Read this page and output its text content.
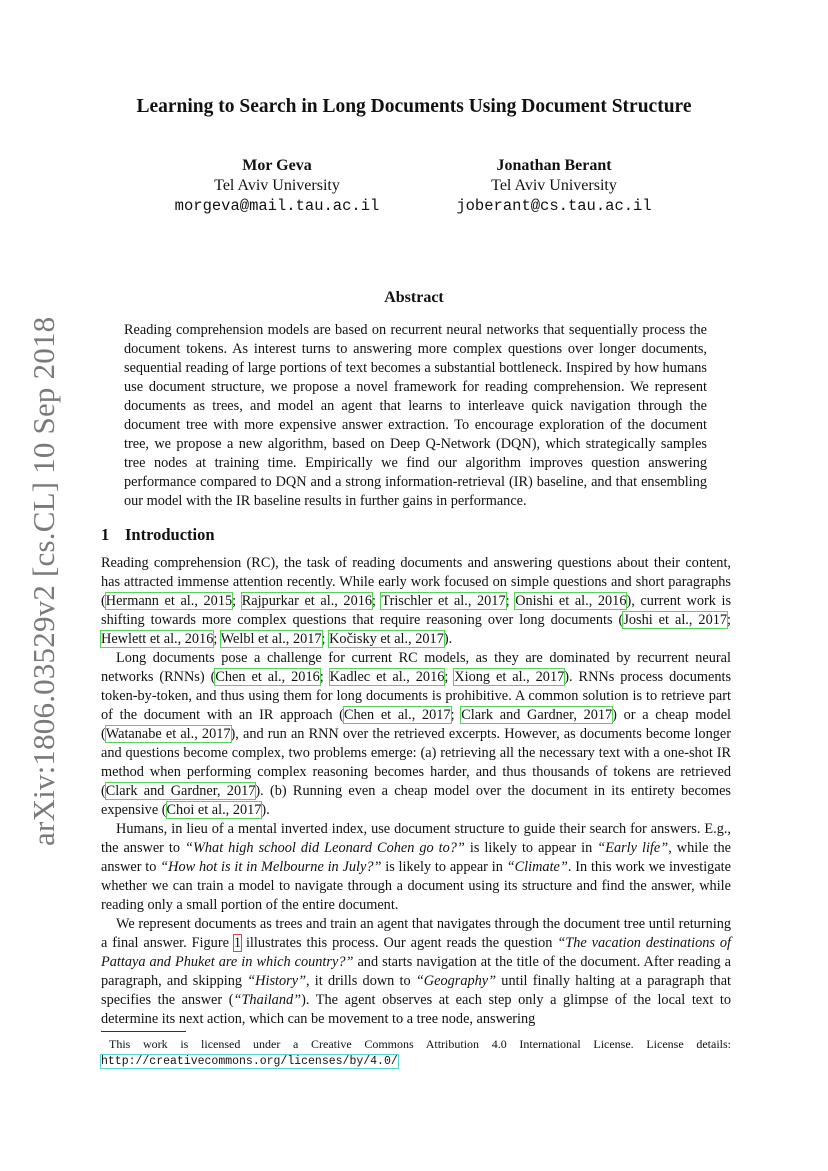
arXiv:1806.03529v2 [cs.CL] 10 Sep 2018
Learning to Search in Long Documents Using Document Structure
Mor Geva
Tel Aviv University
morgeva@mail.tau.ac.il
Jonathan Berant
Tel Aviv University
joberant@cs.tau.ac.il
Abstract
Reading comprehension models are based on recurrent neural networks that sequentially process the document tokens. As interest turns to answering more complex questions over longer documents, sequential reading of large portions of text becomes a substantial bottleneck. Inspired by how humans use document structure, we propose a novel framework for reading comprehension. We represent documents as trees, and model an agent that learns to interleave quick navigation through the document tree with more expensive answer extraction. To encourage exploration of the document tree, we propose a new algorithm, based on Deep Q-Network (DQN), which strategically samples tree nodes at training time. Empirically we find our algorithm improves question answering performance compared to DQN and a strong information-retrieval (IR) baseline, and that ensembling our model with the IR baseline results in further gains in performance.
1 Introduction

Reading comprehension (RC), the task of reading documents and answering questions about their content, has attracted immense attention recently. While early work focused on simple questions and short paragraphs (Hermann et al., 2015; Rajpurkar et al., 2016; Trischler et al., 2017; Onishi et al., 2016), current work is shifting towards more complex questions that require reasoning over long documents (Joshi et al., 2017; Hewlett et al., 2016; Welbl et al., 2017; Kočisky et al., 2017).

Long documents pose a challenge for current RC models, as they are dominated by recurrent neural networks (RNNs) (Chen et al., 2016; Kadlec et al., 2016; Xiong et al., 2017). RNNs process documents token-by-token, and thus using them for long documents is prohibitive. A common solution is to retrieve part of the document with an IR approach (Chen et al., 2017; Clark and Gardner, 2017) or a cheap model (Watanabe et al., 2017), and run an RNN over the retrieved excerpts. However, as documents become longer and questions become complex, two problems emerge: (a) retrieving all the necessary text with a one-shot IR method when performing complex reasoning becomes harder, and thus thousands of tokens are retrieved (Clark and Gardner, 2017). (b) Running even a cheap model over the document in its entirety becomes expensive (Choi et al., 2017).

Humans, in lieu of a mental inverted index, use document structure to guide their search for answers. E.g., the answer to “What high school did Leonard Cohen go to?” is likely to appear in “Early life”, while the answer to “How hot is it in Melbourne in July?” is likely to appear in “Climate”. In this work we investigate whether we can train a model to navigate through a document using its structure and find the answer, while reading only a small portion of the entire document.

We represent documents as trees and train an agent that navigates through the document tree until returning a final answer. Figure 1 illustrates this process. Our agent reads the question “The vacation destinations of Pattaya and Phuket are in which country?” and starts navigation at the title of the document. After reading a paragraph, and skipping “History”, it drills down to “Geography” until finally halting at a paragraph that specifies the answer (“Thailand”). The agent observes at each step only a glimpse of the local text to determine its next action, which can be movement to a tree node, answering

This work is licensed under a Creative Commons Attribution 4.0 International License. License details: http://creativecommons.org/licenses/by/4.0/
